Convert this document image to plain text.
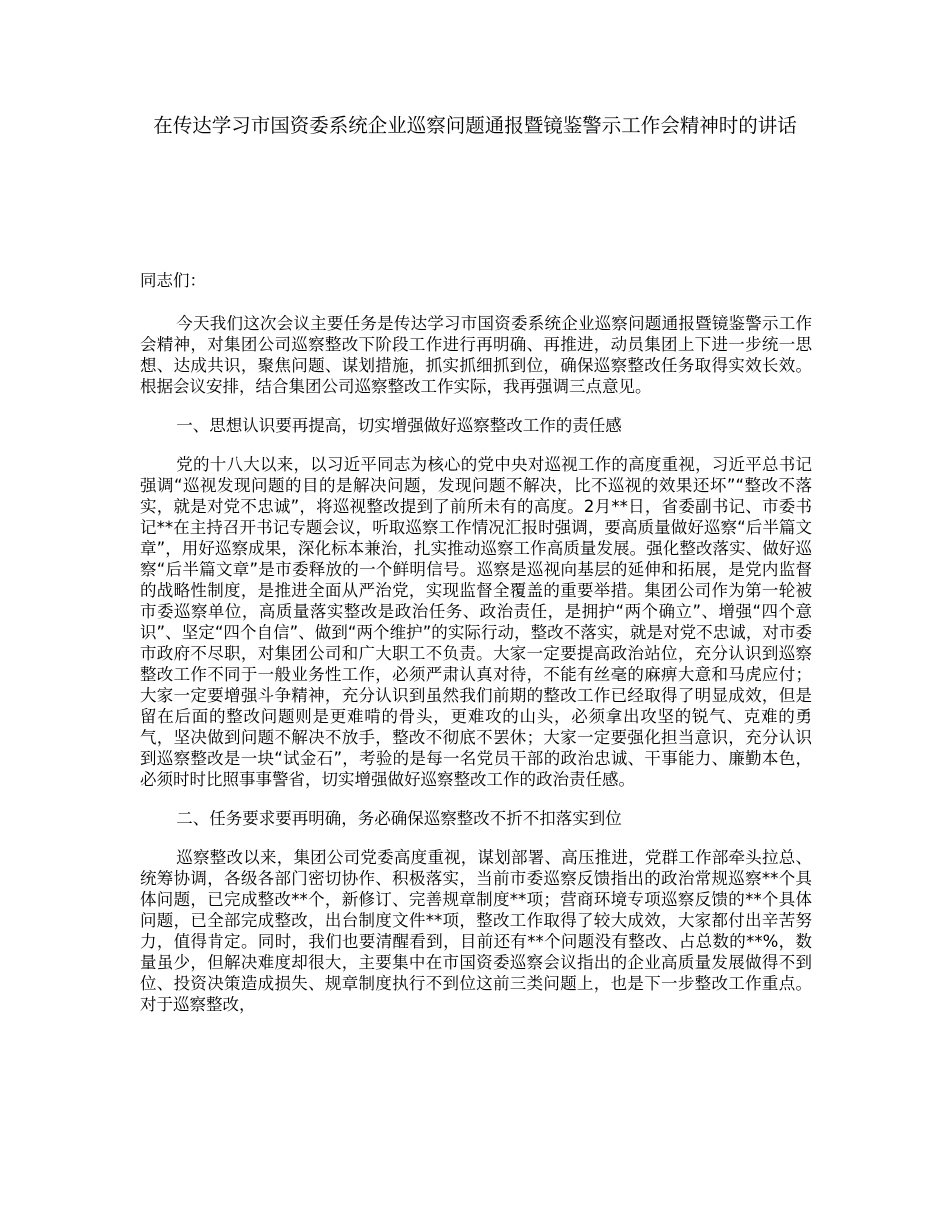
在传达学习市国资委系统企业巡察问题通报暨镜鉴警示工作会精神时的讲话

同志们：

今天我们这次会议主要任务是传达学习市国资委系统企业巡察问题通报暨镜鉴警示工作会精神，对集团公司巡察整改下阶段工作进行再明确、再推进，动员集团上下进一步统一思想、达成共识，聚焦问题、谋划措施，抓实抓细抓到位，确保巡察整改任务取得实效长效。根据会议安排，结合集团公司巡察整改工作实际，我再强调三点意见。

一、思想认识要再提高，切实增强做好巡察整改工作的责任感

党的十八大以来，以习近平同志为核心的党中央对巡视工作的高度重视，习近平总书记强调“巡视发现问题的目的是解决问题，发现问题不解决，比不巡视的效果还坏”“整改不落实，就是对党不忠诚”，将巡视整改提到了前所未有的高度。2月**日，省委副书记、市委书记**在主持召开书记专题会议，听取巡察工作情况汇报时强调，要高质量做好巡察“后半篇文章”，用好巡察成果，深化标本兼治，扎实推动巡察工作高质量发展。强化整改落实、做好巡察“后半篇文章”是市委释放的一个鲜明信号。巡察是巡视向基层的延伸和拓展，是党内监督的战略性制度，是推进全面从严治党，实现监督全覆盖的重要举措。集团公司作为第一轮被市委巡察单位，高质量落实整改是政治任务、政治责任，是拥护“两个确立”、增强“四个意识”、坚定“四个自信”、做到“两个维护”的实际行动，整改不落实，就是对党不忠诚，对市委市政府不尽职，对集团公司和广大职工不负责。大家一定要提高政治站位，充分认识到巡察整改工作不同于一般业务性工作，必须严肃认真对待，不能有丝毫的麻痹大意和马虎应付；大家一定要增强斗争精神，充分认识到虽然我们前期的整改工作已经取得了明显成效，但是留在后面的整改问题则是更难啃的骨头，更难攻的山头，必须拿出攻坚的锐气、克难的勇气，坚决做到问题不解决不放手，整改不彻底不罢休；大家一定要强化担当意识，充分认识到巡察整改是一块“试金石”，考验的是每一名党员干部的政治忠诚、干事能力、廉勤本色，必须时时比照事事警省，切实增强做好巡察整改工作的政治责任感。

二、任务要求要再明确，务必确保巡察整改不折不扣落实到位

巡察整改以来，集团公司党委高度重视，谋划部署、高压推进，党群工作部牵头拉总、统筹协调，各级各部门密切协作、积极落实，当前市委巡察反馈指出的政治常规巡察**个具体问题，已完成整改**个，新修订、完善规章制度**项；营商环境专项巡察反馈的**个具体问题，已全部完成整改，出台制度文件**项，整改工作取得了较大成效，大家都付出辛苦努力，值得肯定。同时，我们也要清醒看到，目前还有**个问题没有整改、占总数的**%，数量虽少，但解决难度却很大，主要集中在市国资委巡察会议指出的企业高质量发展做得不到位、投资决策造成损失、规章制度执行不到位这前三类问题上，也是下一步整改工作重点。对于巡察整改，
